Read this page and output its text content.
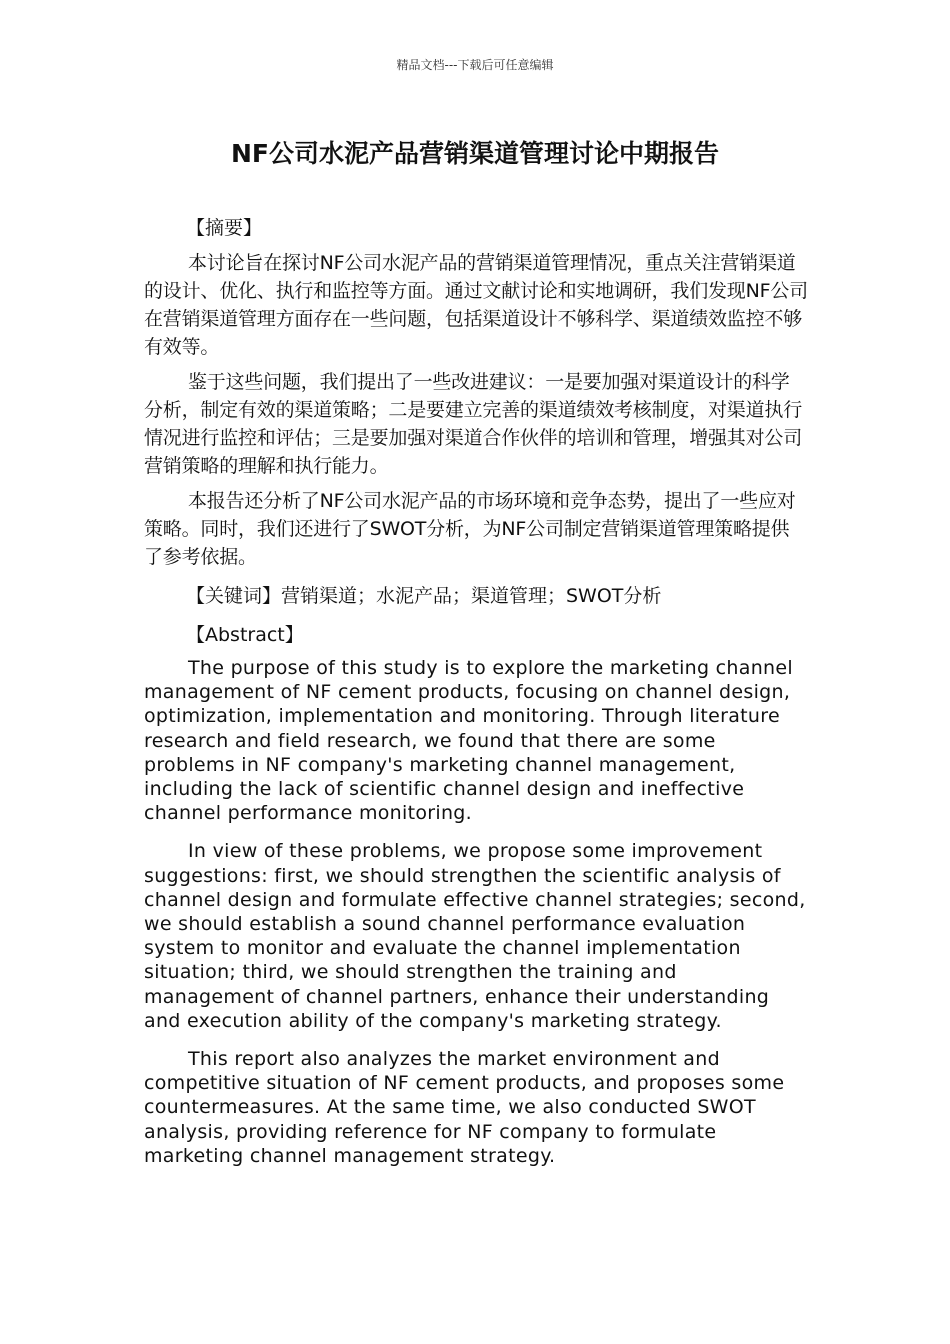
精品文档---下载后可任意编辑
NF公司水泥产品营销渠道管理讨论中期报告

【摘要】

本讨论旨在探讨NF公司水泥产品的营销渠道管理情况，重点关注营销渠道的设计、优化、执行和监控等方面。通过文献讨论和实地调研，我们发现NF公司在营销渠道管理方面存在一些问题，包括渠道设计不够科学、渠道绩效监控不够有效等。

鉴于这些问题，我们提出了一些改进建议：一是要加强对渠道设计的科学分析，制定有效的渠道策略；二是要建立完善的渠道绩效考核制度，对渠道执行情况进行监控和评估；三是要加强对渠道合作伙伴的培训和管理，增强其对公司营销策略的理解和执行能力。

本报告还分析了NF公司水泥产品的市场环境和竞争态势，提出了一些应对策略。同时，我们还进行了SWOT分析，为NF公司制定营销渠道管理策略提供了参考依据。

【关键词】营销渠道；水泥产品；渠道管理；SWOT分析

【Abstract】

The purpose of this study is to explore the marketing channel management of NF cement products, focusing on channel design, optimization, implementation and monitoring. Through literature research and field research, we found that there are some problems in NF company's marketing channel management, including the lack of scientific channel design and ineffective channel performance monitoring.

In view of these problems, we propose some improvement suggestions: first, we should strengthen the scientific analysis of channel design and formulate effective channel strategies; second, we should establish a sound channel performance evaluation system to monitor and evaluate the channel implementation situation; third, we should strengthen the training and management of channel partners, enhance their understanding and execution ability of the company's marketing strategy.

This report also analyzes the market environment and competitive situation of NF cement products, and proposes some countermeasures. At the same time, we also conducted SWOT analysis, providing reference for NF company to formulate marketing channel management strategy.
